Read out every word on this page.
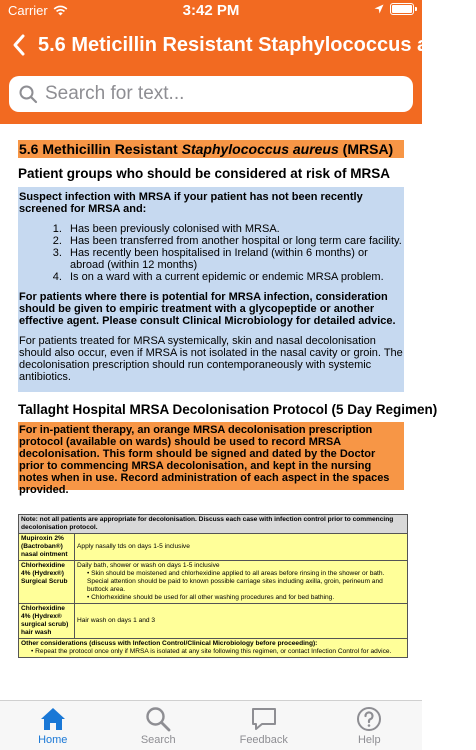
Carrier	3:42 PM
5.6 Meticillin Resistant Staphylococcus aure...
Search for text...
5.6 Methicillin Resistant Staphylococcus aureus (MRSA)
Patient groups who should be considered at risk of MRSA

Suspect infection with MRSA if your patient has not been recently screened for MRSA and:

1. Has been previously colonised with MRSA.
2. Has been transferred from another hospital or long term care facility.
3. Has recently been hospitalised in Ireland (within 6 months) or abroad (within 12 months)
4. Is on a ward with a current epidemic or endemic MRSA problem.

For patients where there is potential for MRSA infection, consideration should be given to empiric treatment with a glycopeptide or another effective agent. Please consult Clinical Microbiology for detailed advice.

For patients treated for MRSA systemically, skin and nasal decolonisation should also occur, even if MRSA is not isolated in the nasal cavity or groin. The decolonisation prescription should run contemporaneously with systemic antibiotics.

Tallaght Hospital MRSA Decolonisation Protocol (5 Day Regimen)
For in-patient therapy, an orange MRSA decolonisation prescription protocol (available on wards) should be used to record MRSA decolonisation. This form should be signed and dated by the Doctor prior to commencing MRSA decolonisation, and kept in the nursing notes when in use. Record administration of each aspect in the spaces provided.
Note: not all patients are appropriate for decolonisation. Discuss each case with infection control prior to commencing decolonisation protocol.	
Mupiroxin 2% (Bactroban®) nasal ointment	Apply nasally tds on days 1-5 inclusive
Chlorhexidine 4% (Hydrex®) Surgical Scrub	Daily bath, shower or wash on days 1-5 inclusive
• Skin should be moistened and chlorhexidine applied to all areas before rinsing in the shower or bath. Special attention should be paid to known possible carriage sites including axilla, groin, perineum and buttock area.
• Chlorhexidine should be used for all other washing procedures and for bed bathing.

Chlorhexidine 4% (Hydrex® surgical scrub) hair wash	Hair wash on days 1 and 3

Other considerations (discuss with Infection Control/Clinical Microbiology before proceeding):
• Repeat the protocol once only if MRSA is isolated at any site following this regimen, or contact Infection Control for advice.
Home	Search	Feedback	Help
